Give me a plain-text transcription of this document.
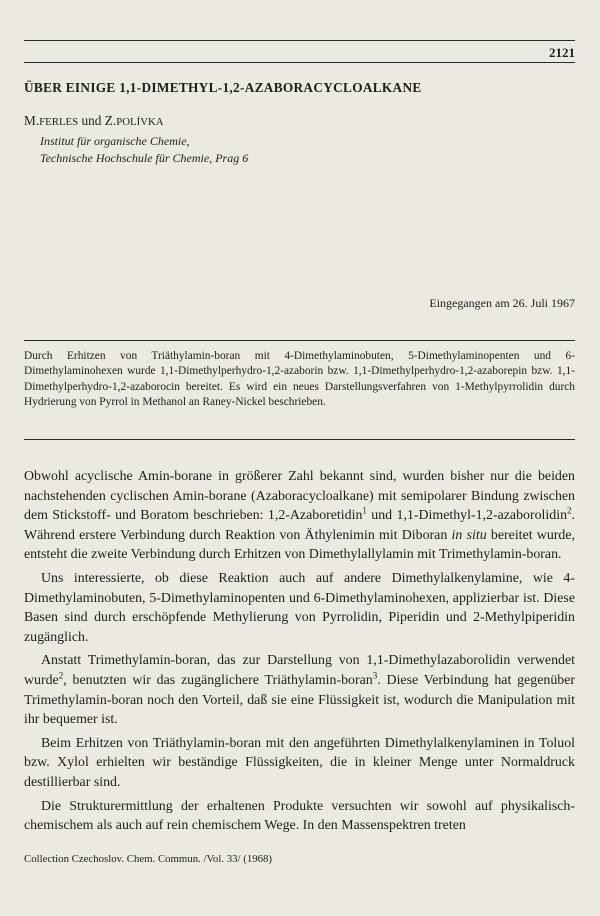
2121
ÜBER EINIGE 1,1-DIMETHYL-1,2-AZABORACYCLOALKANE
M.FERLES und Z.POLÍVKA
Institut für organische Chemie,
Technische Hochschule für Chemie, Prag 6
Eingegangen am 26. Juli 1967
Durch Erhitzen von Triäthylamin-boran mit 4-Dimethylaminobuten, 5-Dimethylaminopenten und 6-Dimethylaminohexen wurde 1,1-Dimethylperhydro-1,2-azaborin bzw. 1,1-Dimethylperhydro-1,2-azaborepin bzw. 1,1-Dimethylperhydro-1,2-azaborocin bereitet. Es wird ein neues Darstellungsverfahren von 1-Methylpyrrolidin durch Hydrierung von Pyrrol in Methanol an Raney-Nickel beschrieben.

Obwohl acyclische Amin-borane in größerer Zahl bekannt sind, wurden bisher nur die beiden nachstehenden cyclischen Amin-borane (Azaboracycloalkane) mit semipolarer Bindung zwischen dem Stickstoff- und Boratom beschrieben: 1,2-Azaboretidin$^1$ und 1,1-Dimethyl-1,2-azaborolidin$^2$. Während erstere Verbindung durch Reaktion von Äthylenimin mit Diboran in situ bereitet wurde, entsteht die zweite Verbindung durch Erhitzen von Dimethylallylamin mit Trimethylamin-boran.

Uns interessierte, ob diese Reaktion auch auf andere Dimethylalkenylamine, wie 4-Dimethylaminobuten, 5-Dimethylaminopenten und 6-Dimethylaminohexen, applizierbar ist. Diese Basen sind durch erschöpfende Methylierung von Pyrrolidin, Piperidin und 2-Methylpiperidin zugänglich.

Anstatt Trimethylamin-boran, das zur Darstellung von 1,1-Dimethylazaborolidin verwendet wurde$^2$, benutzten wir das zugänglichere Triäthylamin-boran$^3$. Diese Verbindung hat gegenüber Trimethylamin-boran noch den Vorteil, daß sie eine Flüssigkeit ist, wodurch die Manipulation mit ihr bequemer ist.

Beim Erhitzen von Triäthylamin-boran mit den angeführten Dimethylalkenylaminen in Toluol bzw. Xylol erhielten wir beständige Flüssigkeiten, die in kleiner Menge unter Normaldruck destillierbar sind.

Die Strukturermittlung der erhaltenen Produkte versuchten wir sowohl auf physikalisch-chemischem als auch auf rein chemischem Wege. In den Massenspektren treten

Collection Czechoslov. Chem. Commun. /Vol. 33/ (1968)
